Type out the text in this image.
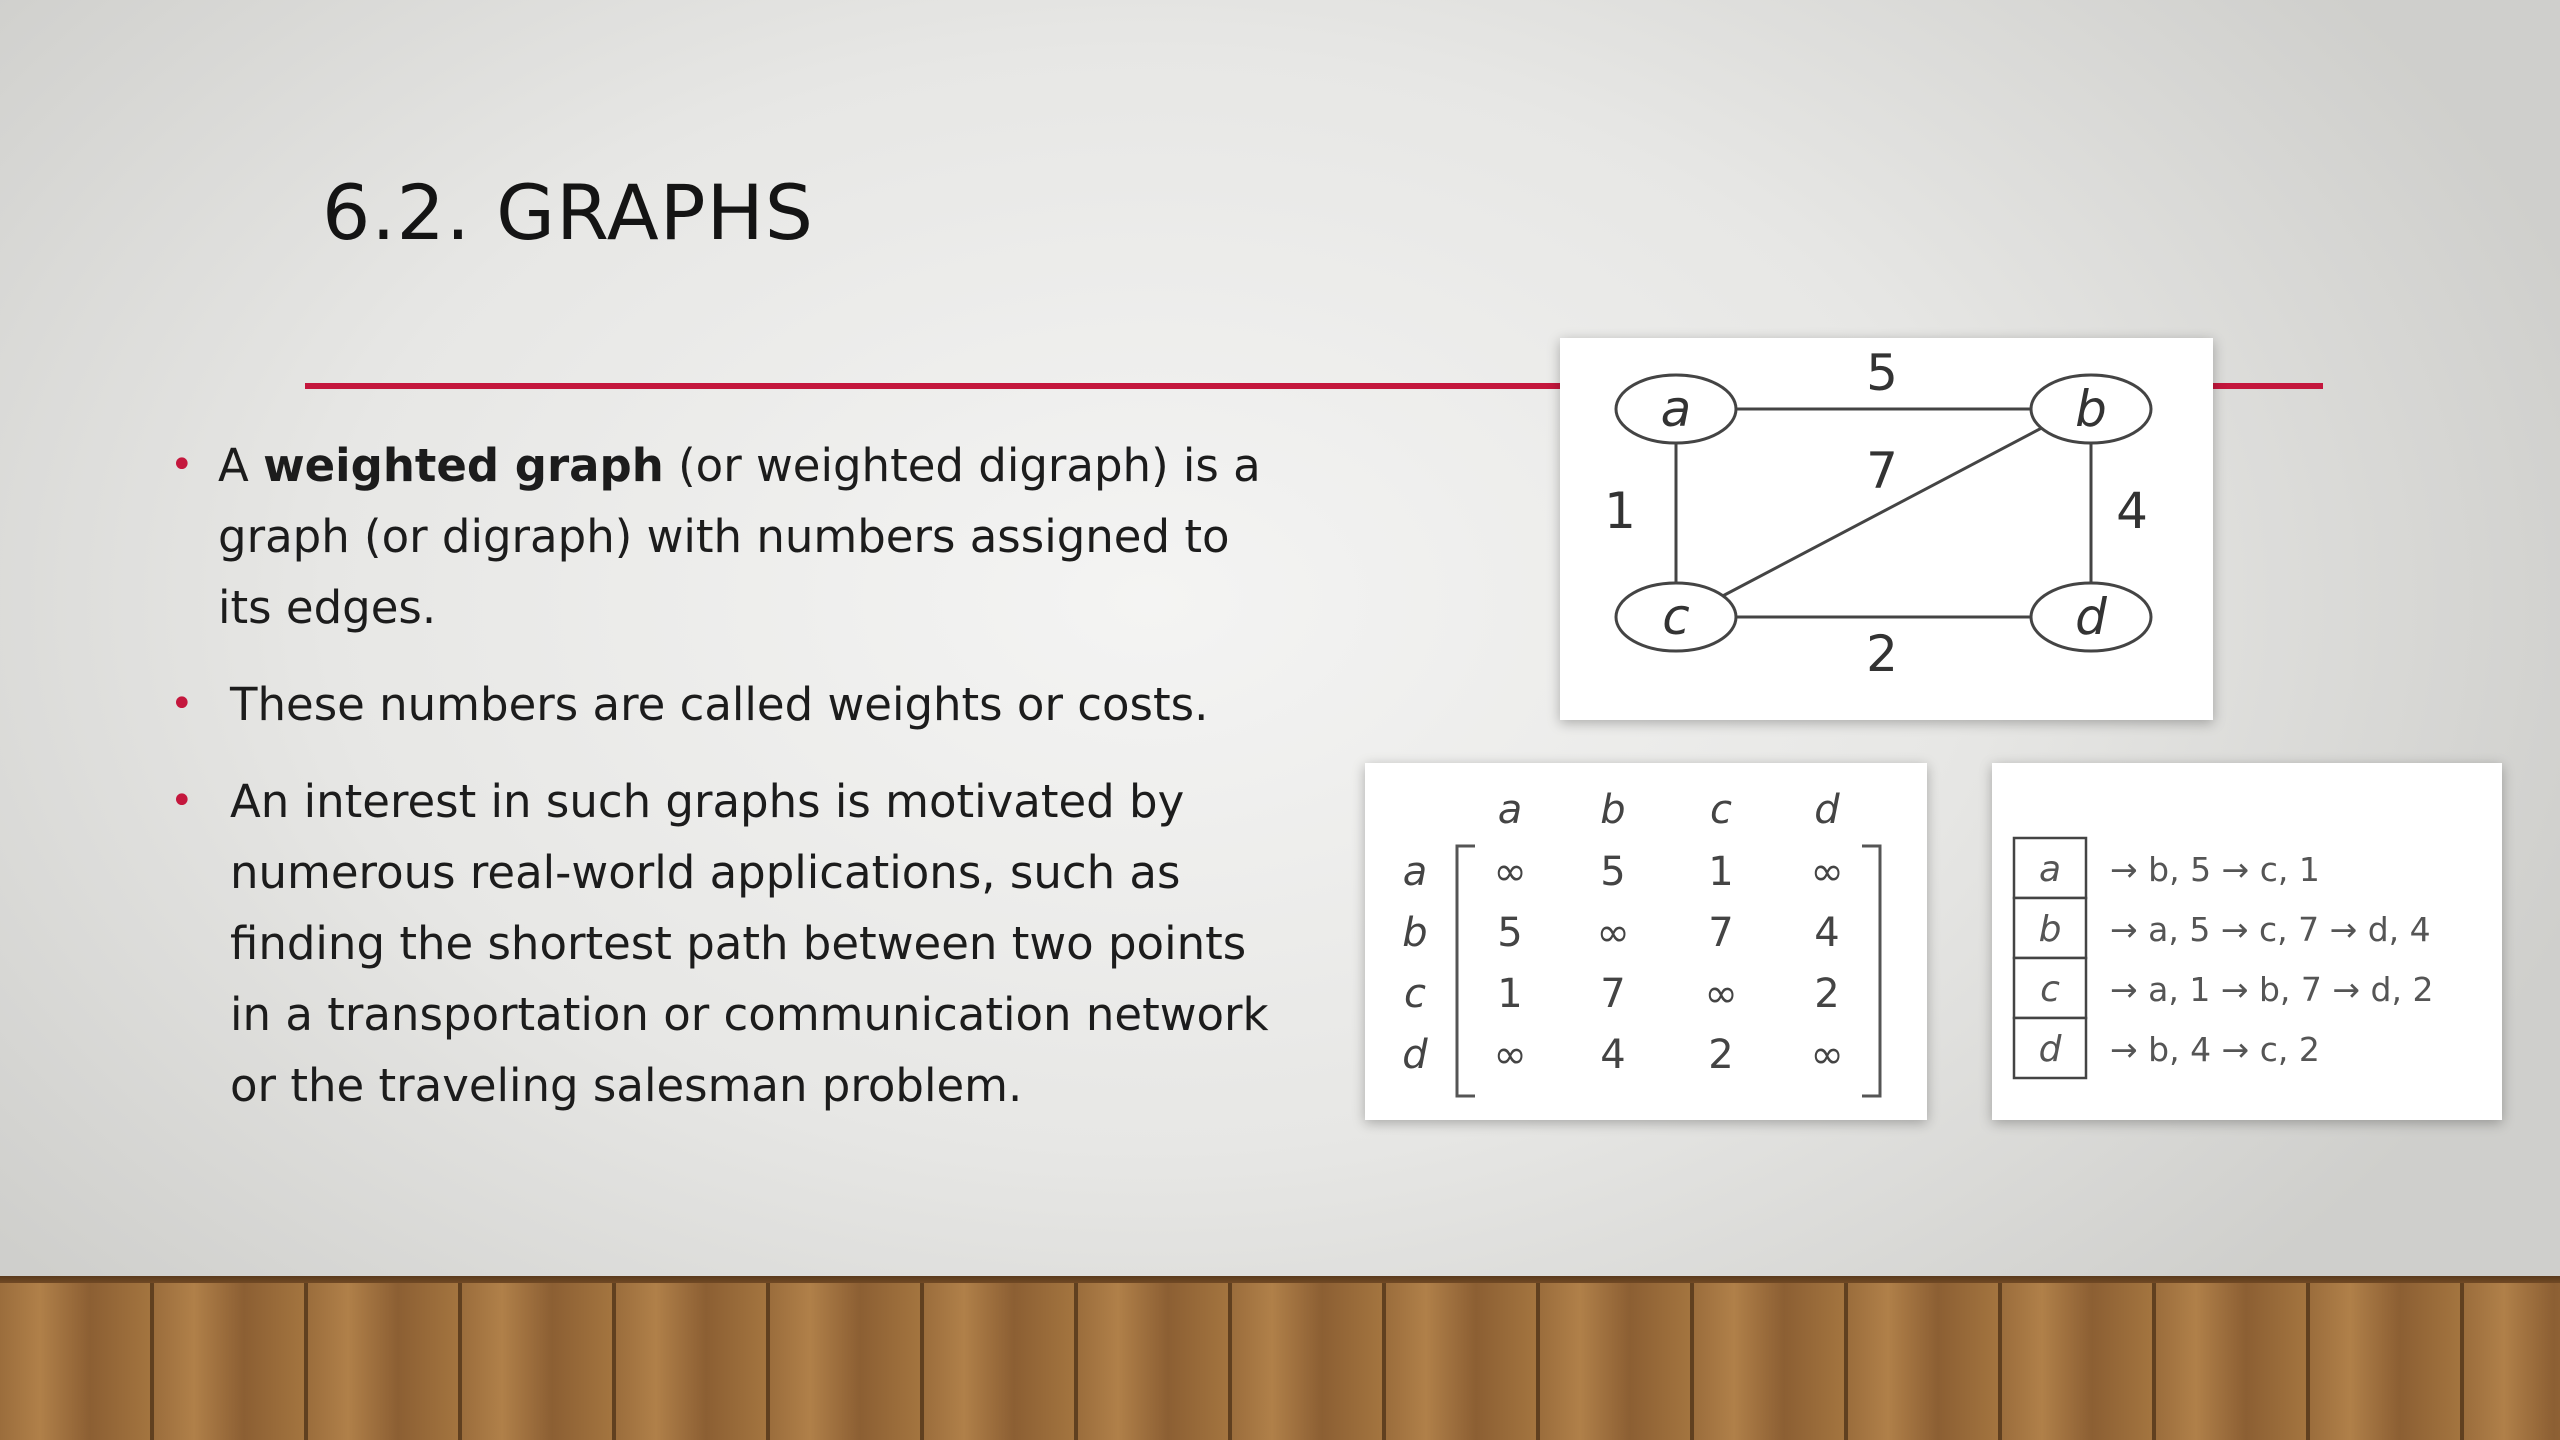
6.2. GRAPHS
• A weighted graph (or weighted digraph) is a graph (or digraph) with numbers assigned to its edges.
• These numbers are called weights or costs.
• An interest in such graphs is motivated by numerous real-world applications, such as finding the shortest path between two points in a transportation or communication network or the traveling salesman problem.
a	b
c	d
5
1
7
4
2
a b c d
a
b
c
d
∞ 5 1 ∞
5 ∞ 7 4
1 7 ∞ 2
∞ 4 2 ∞
a
b
c
d
→ b, 5 → c, 1
→ a, 5 → c, 7 → d, 4
→ a, 1 → b, 7 → d, 2
→ b, 4 → c, 2
